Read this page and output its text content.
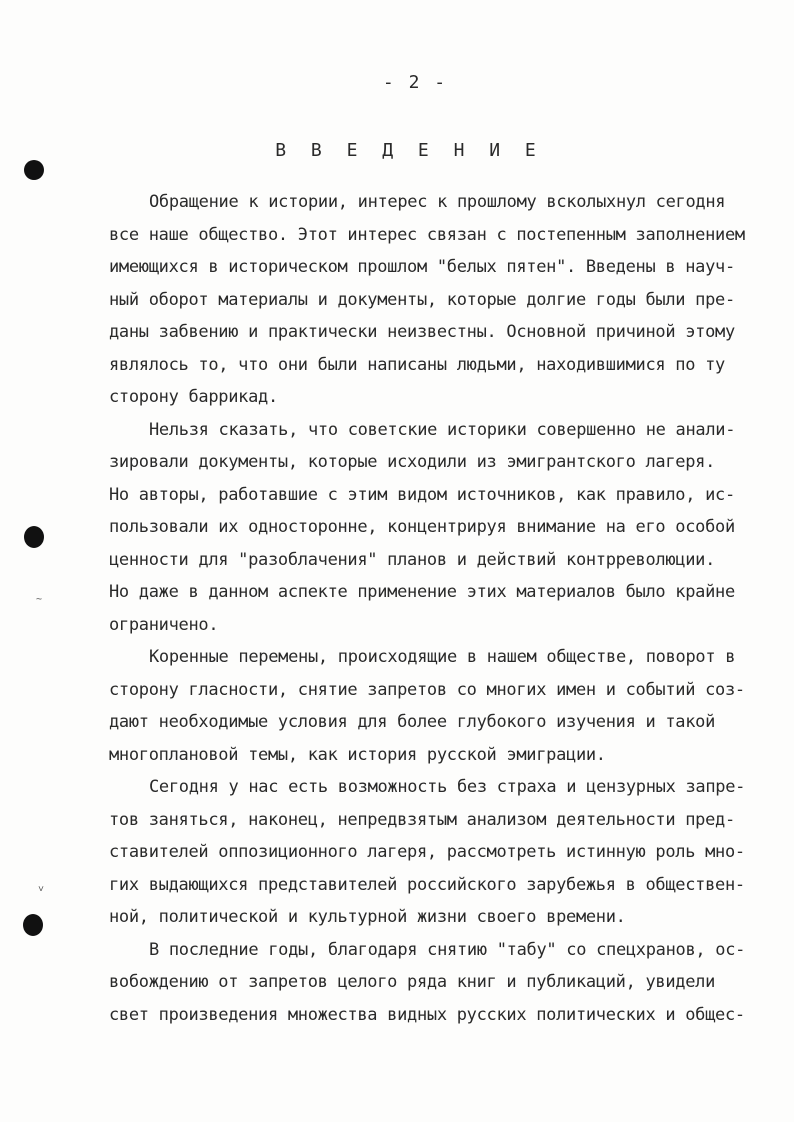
~
˅
- 2 -
В В Е Д Е Н И Е
Обращение к истории, интерес к прошлому всколыхнул сегодня
все наше общество. Этот интерес связан с постепенным заполнением
имеющихся в историческом прошлом "белых пятен". Введены в науч-
ный оборот материалы и документы, которые долгие годы были пре-
даны забвению и практически неизвестны. Основной причиной этому
являлось то, что они были написаны людьми, находившимися по ту
сторону баррикад.
Нельзя сказать, что советские историки совершенно не анали-
зировали документы, которые исходили из эмигрантского лагеря.
Но авторы, работавшие с этим видом источников, как правило, ис-
пользовали их односторонне, концентрируя внимание на его особой
ценности для "разоблачения" планов и действий контрреволюции.
Но даже в данном аспекте применение этих материалов было крайне
ограничено.
Коренные перемены, происходящие в нашем обществе, поворот в
сторону гласности, снятие запретов со многих имен и событий соз-
дают необходимые условия для более глубокого изучения и такой
многоплановой темы, как история русской эмиграции.
Сегодня у нас есть возможность без страха и цензурных запре-
тов заняться, наконец, непредвзятым анализом деятельности пред-
ставителей оппозиционного лагеря, рассмотреть истинную роль мно-
гих выдающихся представителей российского зарубежья в обществен-
ной, политической и культурной жизни своего времени.
В последние годы, благодаря снятию "табу" со спецхранов, ос-
вобождению от запретов целого ряда книг и публикаций, увидели
свет произведения множества видных русских политических и общес-
